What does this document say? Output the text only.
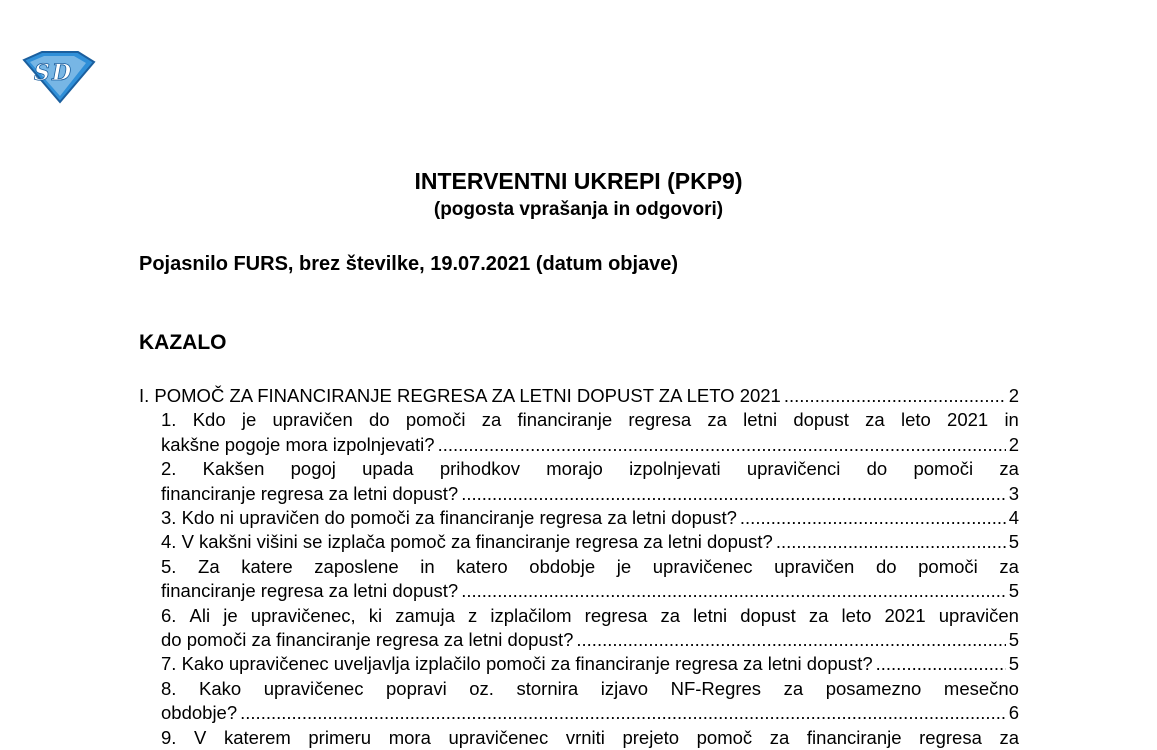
S D
INTERVENTNI UKREPI (PKP9)
(pogosta vprašanja in odgovori)
Pojasnilo FURS, brez številke, 19.07.2021 (datum objave)
KAZALO
I. POMOČ ZA FINANCIRANJE REGRESA ZA LETNI DOPUST ZA LETO 2021 .....	2
1. Kdo je upravičen do pomoči za financiranje regresa za letni dopust za leto 2021 in
kakšne pogoje mora izpolnjevati? .....	2
2. Kakšen pogoj upada prihodkov morajo izpolnjevati upravičenci do pomoči za
financiranje regresa za letni dopust? .....	3
3. Kdo ni upravičen do pomoči za financiranje regresa za letni dopust? .....	4
4. V kakšni višini se izplača pomoč za financiranje regresa za letni dopust? .....	5
5. Za katere zaposlene in katero obdobje je upravičenec upravičen do pomoči za
financiranje regresa za letni dopust? .....	5
6. Ali je upravičenec, ki zamuja z izplačilom regresa za letni dopust za leto 2021 upravičen
do pomoči za financiranje regresa za letni dopust? .....	5
7. Kako upravičenec uveljavlja izplačilo pomoči za financiranje regresa za letni dopust? .....	5
8. Kako upravičenec popravi oz. stornira izjavo NF-Regres za posamezno mesečno
obdobje? .....	6
9. V katerem primeru mora upravičenec vrniti prejeto pomoč za financiranje regresa za
